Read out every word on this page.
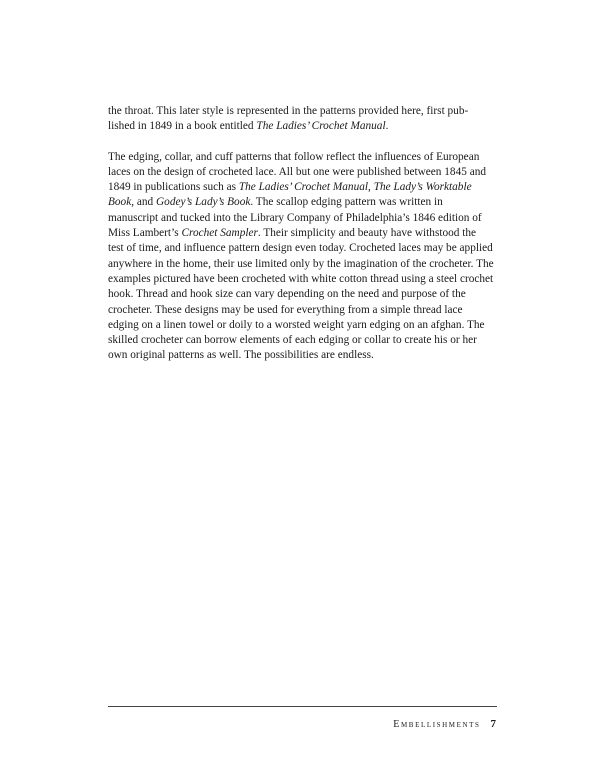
the throat. This later style is represented in the patterns provided here, first pub-lished in 1849 in a book entitled The Ladies’ Crochet Manual.

The edging, collar, and cuff patterns that follow reflect the influences of European laces on the design of crocheted lace. All but one were published between 1845 and 1849 in publications such as The Ladies’ Crochet Manual, The Lady’s Worktable Book, and Godey’s Lady’s Book. The scallop edging pattern was written in manuscript and tucked into the Library Company of Philadelphia’s 1846 edition of Miss Lambert’s Crochet Sampler. Their simplicity and beauty have withstood the test of time, and influence pattern design even today. Crocheted laces may be applied anywhere in the home, their use limited only by the imagination of the crocheter. The examples pictured have been crocheted with white cotton thread using a steel crochet hook. Thread and hook size can vary depending on the need and purpose of the crocheter. These designs may be used for everything from a simple thread lace edging on a linen towel or doily to a worsted weight yarn edging on an afghan. The skilled crocheter can borrow elements of each edging or collar to create his or her own original patterns as well. The possibilities are endless.

Embellishments 7
